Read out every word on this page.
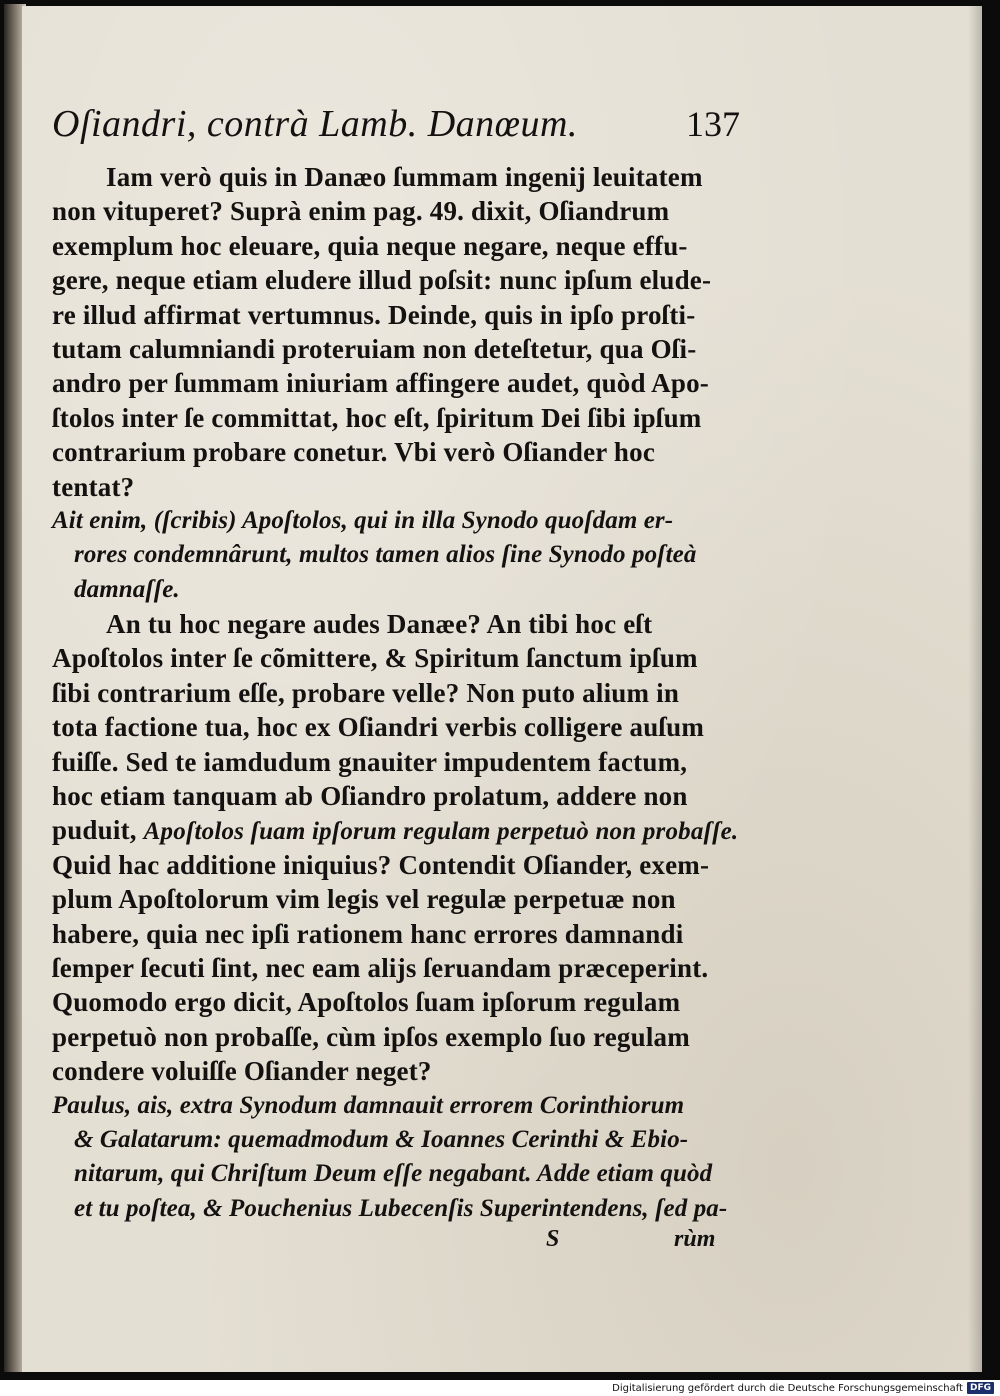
Oſiandri, contrà Lamb. Danœum.	137
Iam verò quis in Danæo ſummam ingenij leuitatem
non vituperet? Suprà enim pag. 49. dixit, Oſiandrum
exemplum hoc eleuare, quia neque negare, neque effu-
gere, neque etiam eludere illud poſsit: nunc ipſum elude-
re illud affirmat vertumnus. Deinde, quis in ipſo proſti-
tutam calumniandi proteruiam non deteſtetur, qua Oſi-
andro per ſummam iniuriam affingere audet, quòd Apo-
ſtolos inter ſe committat, hoc eſt, ſpiritum Dei ſibi ipſum
contrarium probare conetur. Vbi verò Oſiander hoc
tentat?
Ait enim, (ſcribis) Apoſtolos, qui in illa Synodo quoſdam er-
rores condemnârunt, multos tamen alios ſine Synodo poſteà
damnaſſe.
An tu hoc negare audes Danæe? An tibi hoc eſt
Apoſtolos inter ſe cõmittere, & Spiritum ſanctum ipſum
ſibi contrarium eſſe, probare velle? Non puto alium in
tota factione tua, hoc ex Oſiandri verbis colligere auſum
fuiſſe. Sed te iamdudum gnauiter impudentem factum,
hoc etiam tanquam ab Oſiandro prolatum, addere non
puduit, Apoſtolos ſuam ipſorum regulam perpetuò non probaſſe.
Quid hac additione iniquius? Contendit Oſiander, exem-
plum Apoſtolorum vim legis vel regulæ perpetuæ non
habere, quia nec ipſi rationem hanc errores damnandi
ſemper ſecuti ſint, nec eam alijs ſeruandam præceperint.
Quomodo ergo dicit, Apoſtolos ſuam ipſorum regulam
perpetuò non probaſſe, cùm ipſos exemplo ſuo regulam
condere voluiſſe Oſiander neget?
Paulus, ais, extra Synodum damnauit errorem Corinthiorum
& Galatarum: quemadmodum & Ioannes Cerinthi & Ebio-
nitarum, qui Chriſtum Deum eſſe negabant. Adde etiam quòd
et tu poſtea, & Pouchenius Lubecenſis Superintendens, ſed pa-
S	rùm
Digitalisierung gefördert durch die Deutsche Forschungsgemeinschaft DFG
